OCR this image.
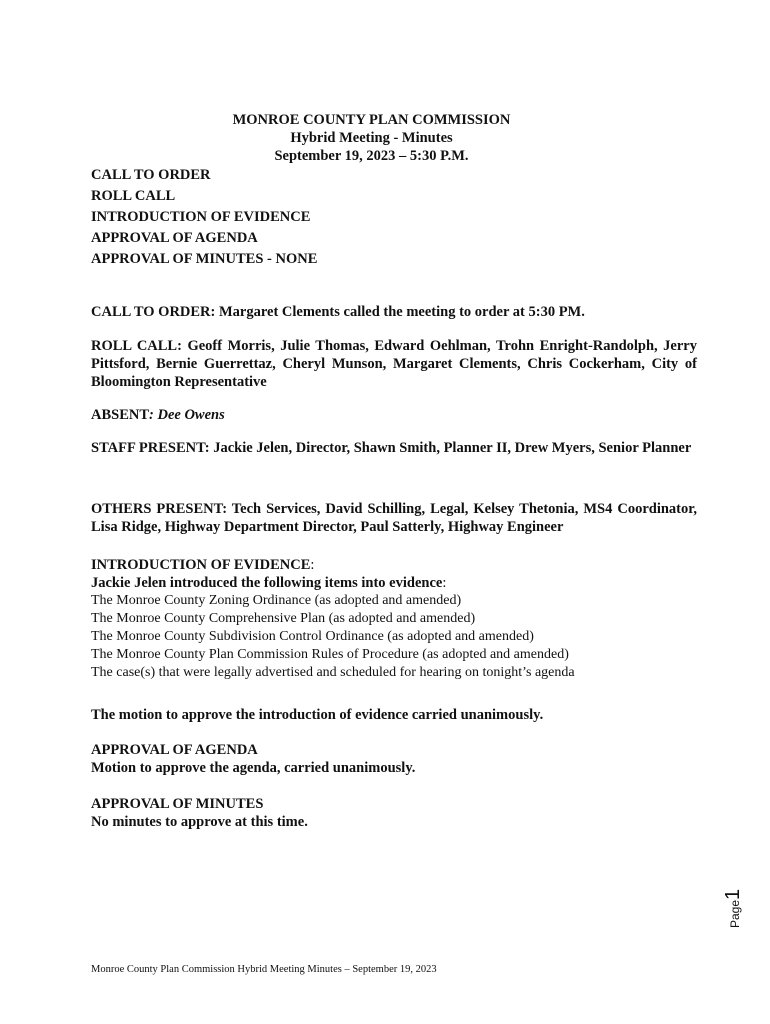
MONROE COUNTY PLAN COMMISSION
Hybrid Meeting - Minutes
September 19, 2023 – 5:30 P.M.
CALL TO ORDER
ROLL CALL
INTRODUCTION OF EVIDENCE
APPROVAL OF AGENDA
APPROVAL OF MINUTES - NONE
CALL TO ORDER: Margaret Clements called the meeting to order at 5:30 PM.
ROLL CALL: Geoff Morris, Julie Thomas, Edward Oehlman, Trohn Enright-Randolph, Jerry Pittsford, Bernie Guerrettaz, Cheryl Munson, Margaret Clements, Chris Cockerham, City of Bloomington Representative
ABSENT: Dee Owens
STAFF PRESENT: Jackie Jelen, Director, Shawn Smith, Planner II, Drew Myers, Senior Planner
OTHERS PRESENT: Tech Services, David Schilling, Legal, Kelsey Thetonia, MS4 Coordinator, Lisa Ridge, Highway Department Director, Paul Satterly, Highway Engineer
INTRODUCTION OF EVIDENCE:
Jackie Jelen introduced the following items into evidence:
The Monroe County Zoning Ordinance (as adopted and amended)
The Monroe County Comprehensive Plan (as adopted and amended)
The Monroe County Subdivision Control Ordinance (as adopted and amended)
The Monroe County Plan Commission Rules of Procedure (as adopted and amended)
The case(s) that were legally advertised and scheduled for hearing on tonight’s agenda
The motion to approve the introduction of evidence carried unanimously.
APPROVAL OF AGENDA
Motion to approve the agenda, carried unanimously.
APPROVAL OF MINUTES
No minutes to approve at this time.
Page1
Monroe County Plan Commission Hybrid Meeting Minutes – September 19, 2023
